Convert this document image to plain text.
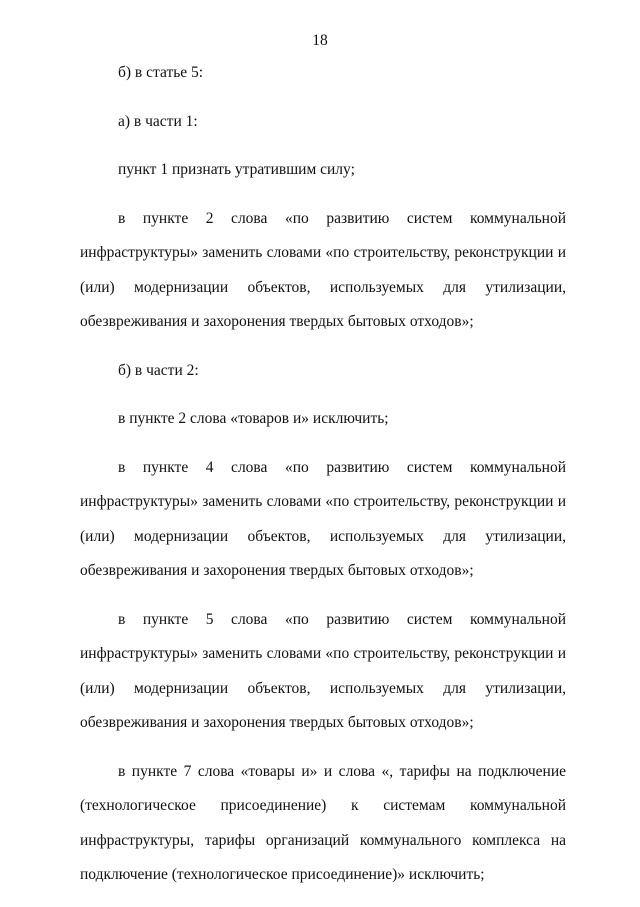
18

б) в статье 5:

а) в части 1:

пункт 1 признать утратившим силу;

в пункте 2 слова «по развитию систем коммунальной инфраструктуры» заменить словами «по строительству, реконструкции и (или) модернизации объектов, используемых для утилизации, обезвреживания и захоронения твердых бытовых отходов»;

б) в части 2:

в пункте 2 слова «товаров и» исключить;

в пункте 4 слова «по развитию систем коммунальной инфраструктуры» заменить словами «по строительству, реконструкции и (или) модернизации объектов, используемых для утилизации, обезвреживания и захоронения твердых бытовых отходов»;

в пункте 5 слова «по развитию систем коммунальной инфраструктуры» заменить словами «по строительству, реконструкции и (или) модернизации объектов, используемых для утилизации, обезвреживания и захоронения твердых бытовых отходов»;

в пункте 7 слова «товары и» и слова «, тарифы на подключение (технологическое присоединение) к системам коммунальной инфраструктуры, тарифы организаций коммунального комплекса на подключение (технологическое присоединение)» исключить;
